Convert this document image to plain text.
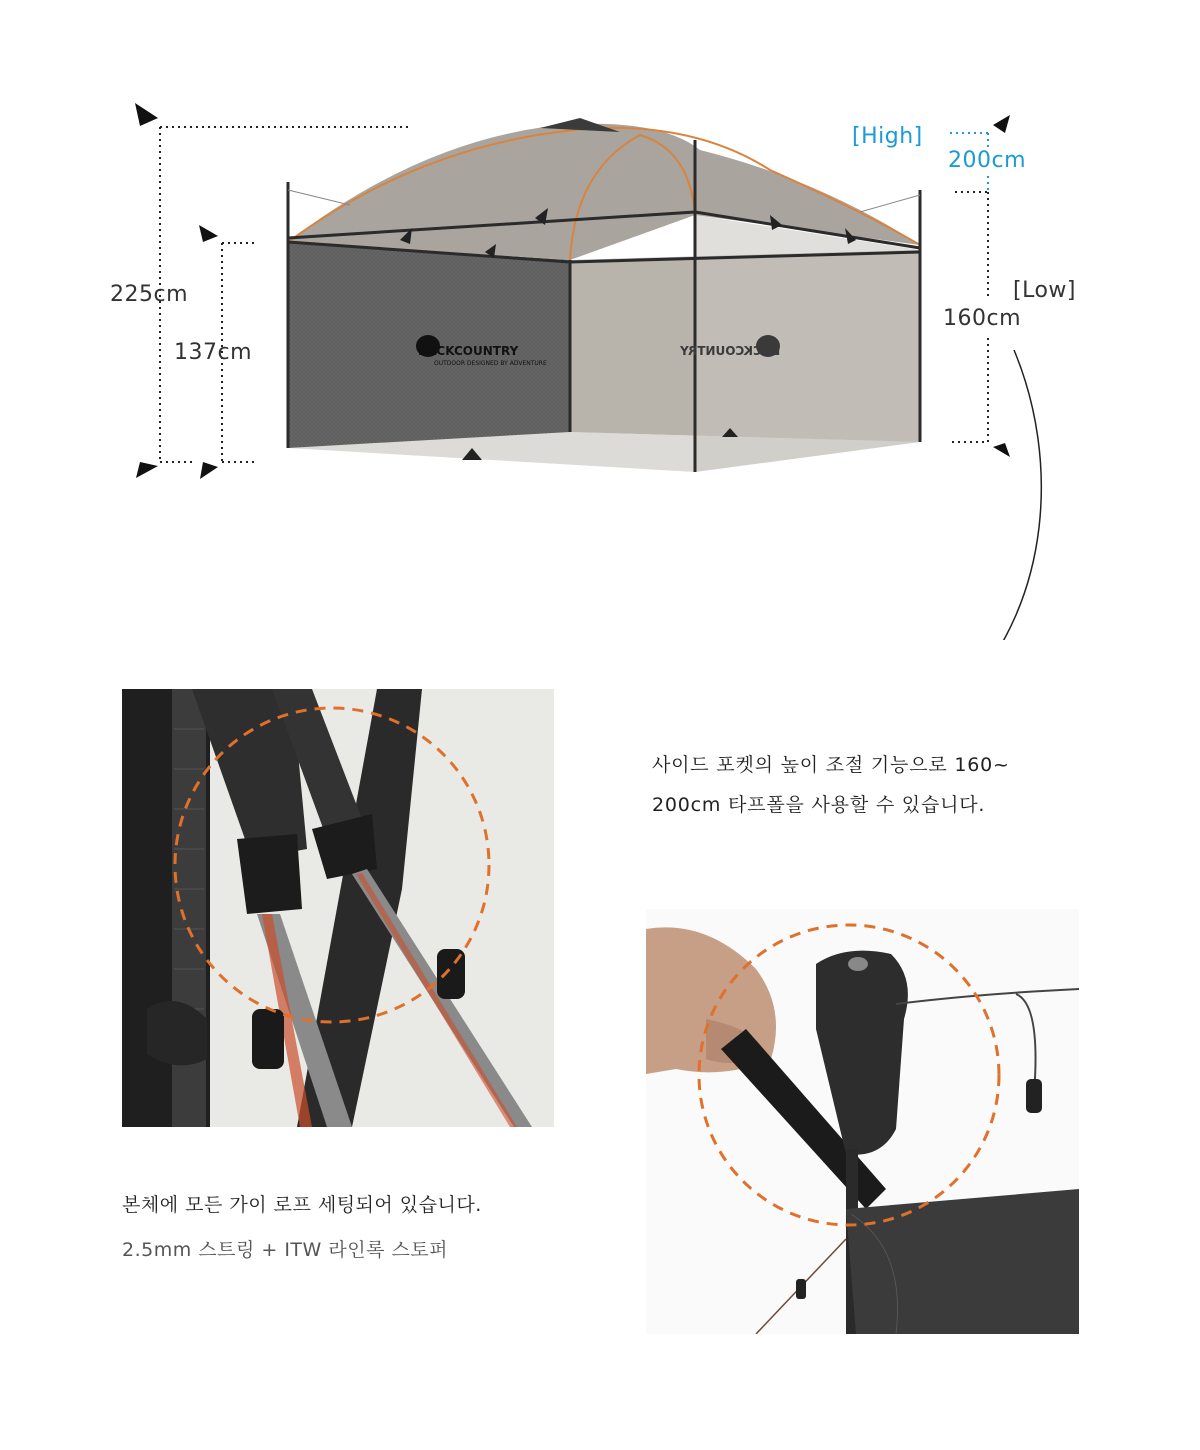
BACKCOUNTRY
OUTDOOR DESIGNED BY ADVENTURE
BACKCOUNTRY
225cm
137cm
[High]
200cm
[Low]
160cm
사이드 포켓의 높이 조절 기능으로 160~
200cm 타프폴을 사용할 수 있습니다.
본체에 모든 가이 로프 세팅되어 있습니다.
2.5mm 스트링 + ITW 라인록 스토퍼
